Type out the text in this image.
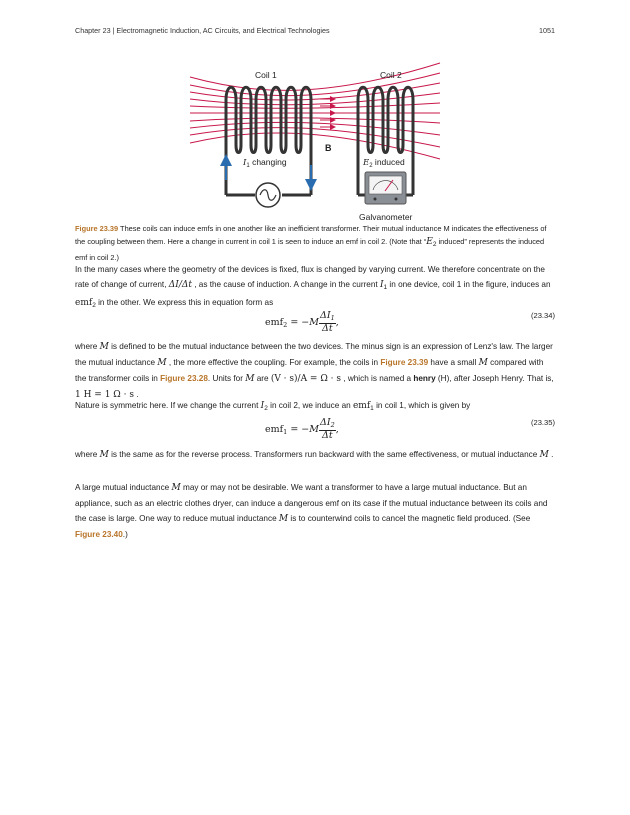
Chapter 23 | Electromagnetic Induction, AC Circuits, and Electrical Technologies	1051
Coil 1	Coil 2
B
$I_1$ changing	$E_2$ induced
Galvanometer
Figure 23.39 These coils can induce emfs in one another like an inefficient transformer. Their mutual inductance M indicates the effectiveness of the coupling between them. Here a change in current in coil 1 is seen to induce an emf in coil 2. (Note that “E2 induced” represents the induced emf in coil 2.)

In the many cases where the geometry of the devices is fixed, flux is changed by varying current. We therefore concentrate on the rate of change of current, ΔI/Δt , as the cause of induction. A change in the current $I_1$ in one device, coil 1 in the figure, induces an emf$_2$ in the other. We express this in equation form as

$emf_2 = -M \frac{\Delta I_1}{\Delta t}$ ,
(23.34)

where M is defined to be the mutual inductance between the two devices. The minus sign is an expression of Lenz's law. The larger the mutual inductance M , the more effective the coupling. For example, the coils in Figure 23.39 have a small M compared with the transformer coils in Figure 23.28. Units for M are (V · s)/A = Ω · s , which is named a henry (H), after Joseph Henry. That is, 1 H = 1 Ω · s .

Nature is symmetric here. If we change the current $I_2$ in coil 2, we induce an emf$_1$ in coil 1, which is given by

$emf_1 = -M \frac{\Delta I_2}{\Delta t}$ ,
(23.35)

where M is the same as for the reverse process. Transformers run backward with the same effectiveness, or mutual inductance M .

A large mutual inductance M may or may not be desirable. We want a transformer to have a large mutual inductance. But an appliance, such as an electric clothes dryer, can induce a dangerous emf on its case if the mutual inductance between its coils and the case is large. One way to reduce mutual inductance M is to counterwind coils to cancel the magnetic field produced. (See Figure 23.40.)
